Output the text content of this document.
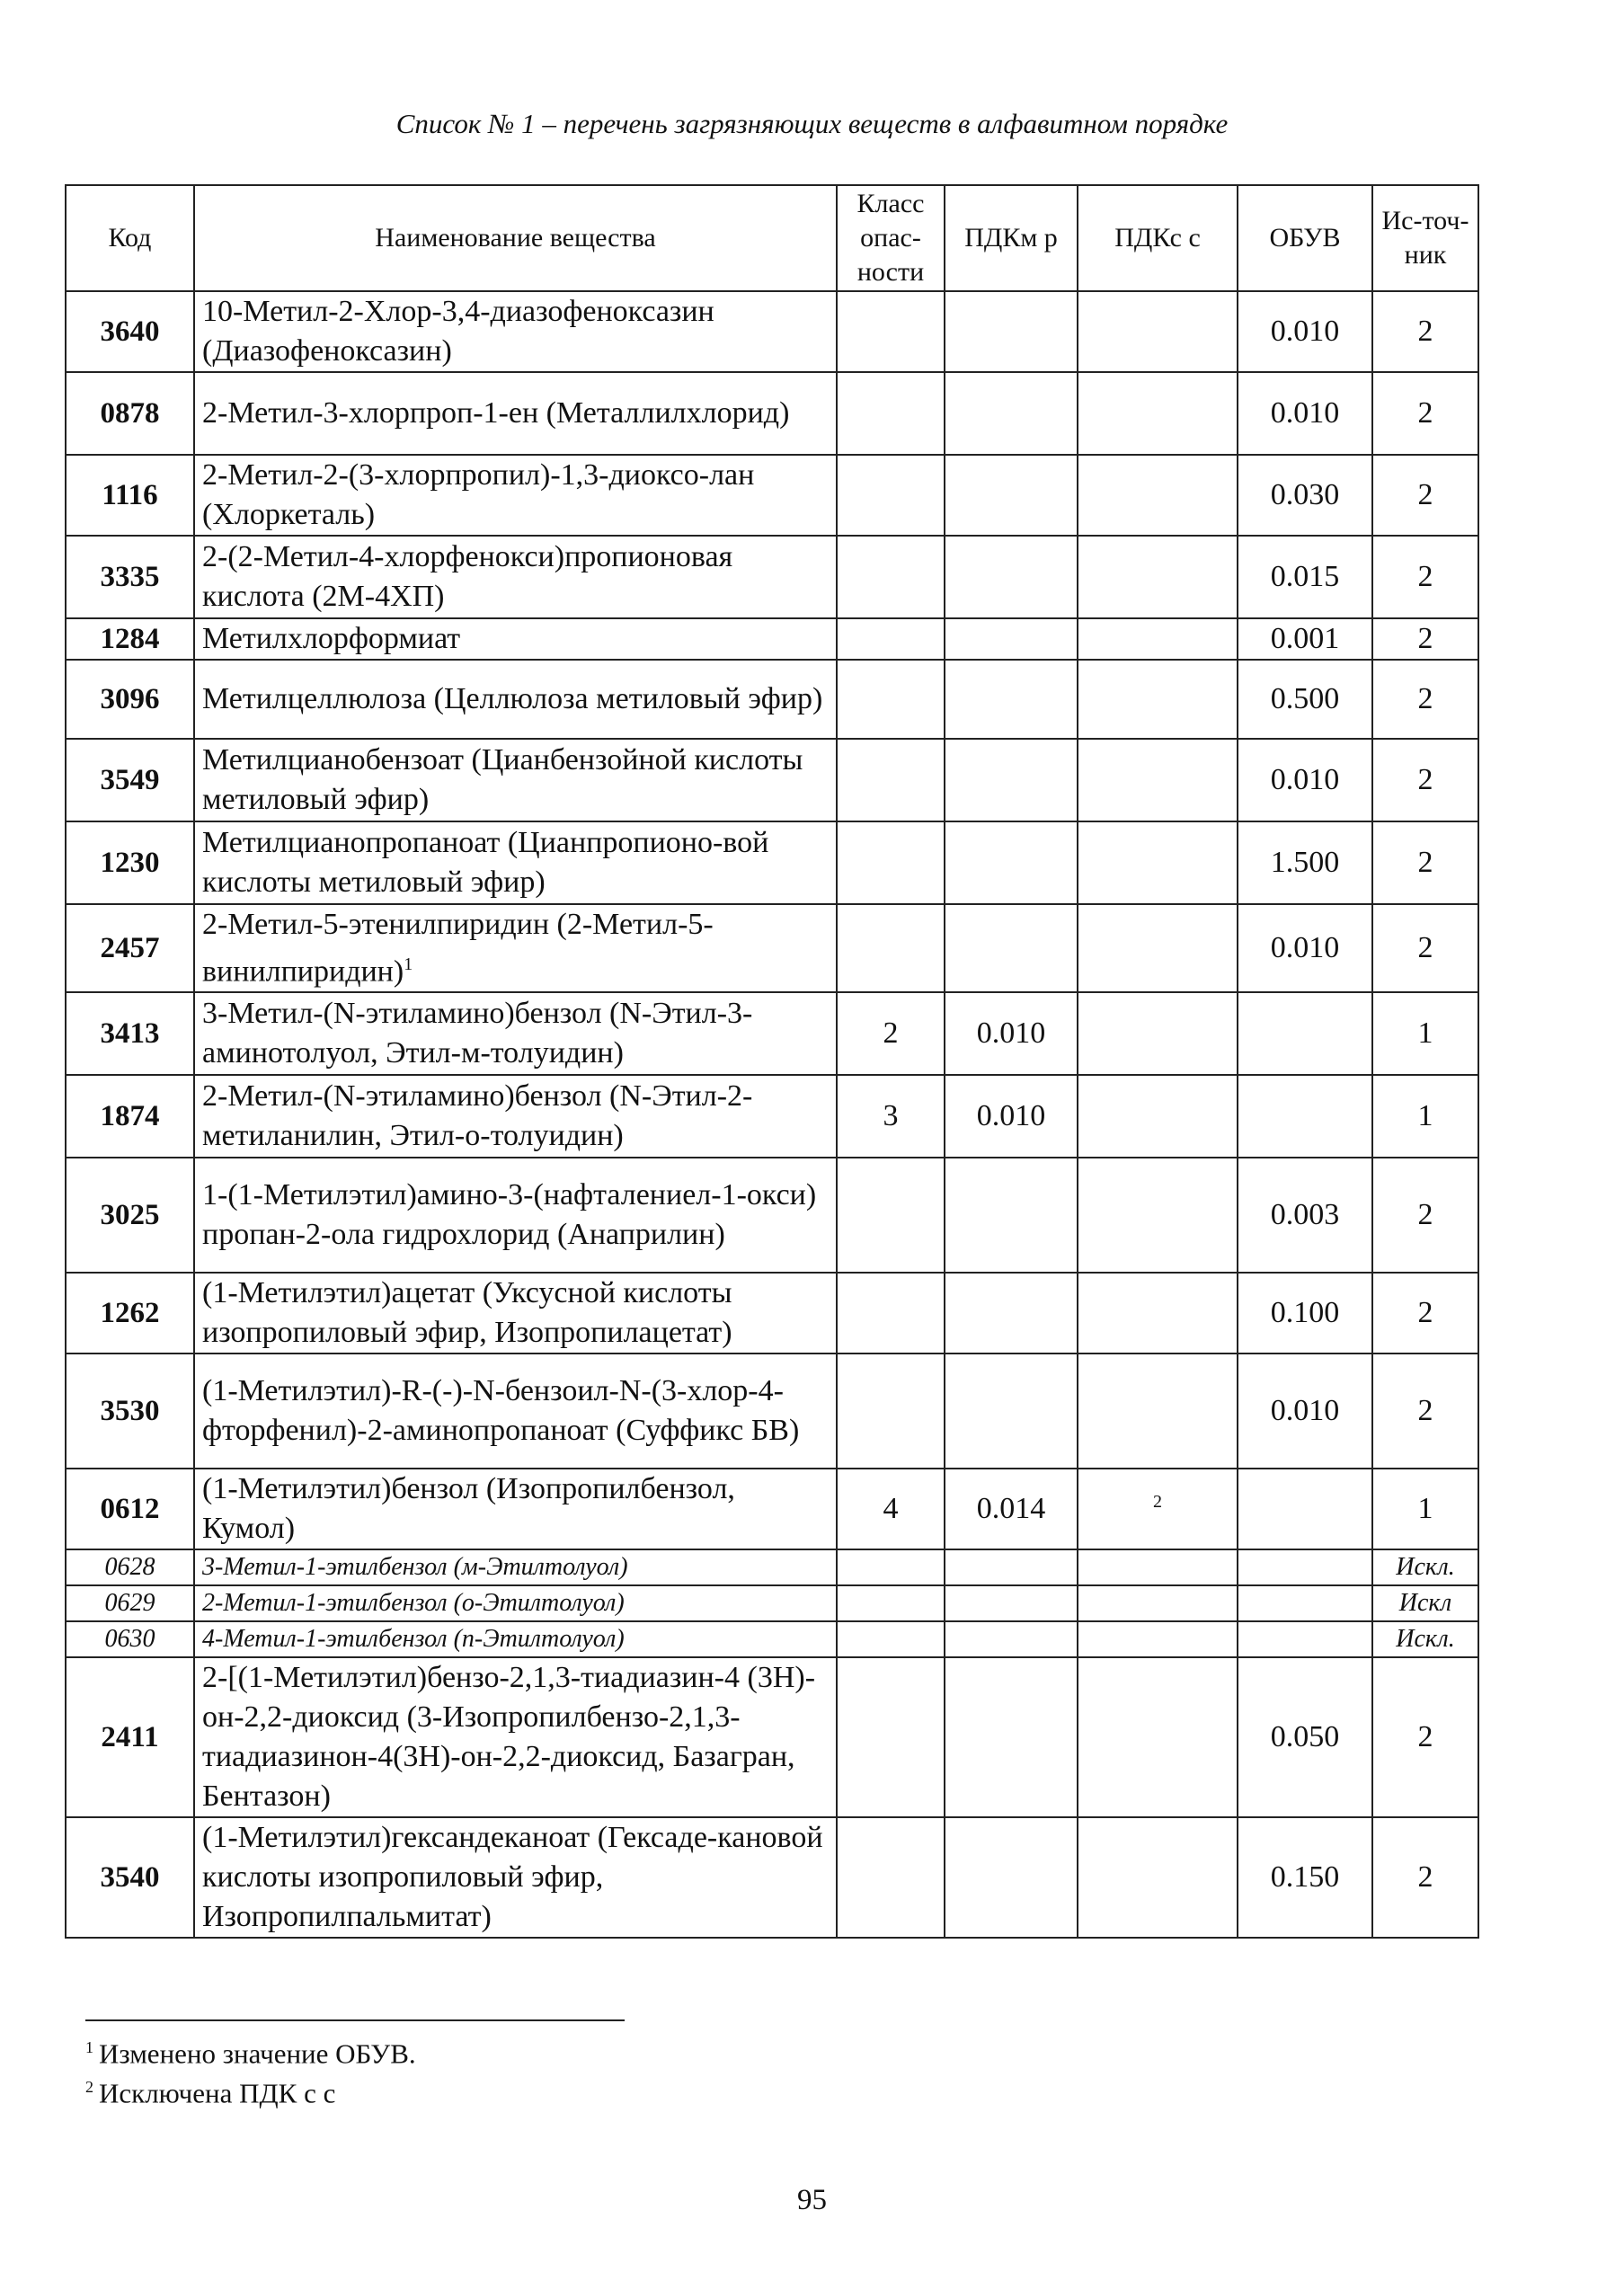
Список № 1 – перечень загрязняющих веществ в алфавитном порядке
Код	Наименование вещества	Класс опас-ности	ПДКм р	ПДКс с	ОБУВ	Ис-точ-ник
3640	10-Метил-2-Хлор-3,4-диазофеноксазин (Диазофеноксазин)				0.010	2
0878	2-Метил-3-хлорпроп-1-ен (Металлилхлорид)				0.010	2
1116	2-Метил-2-(3-хлорпропил)-1,3-диоксо-лан (Хлоркеталь)				0.030	2
3335	2-(2-Метил-4-хлорфенокси)пропионовая кислота (2М-4ХП)				0.015	2
1284	Метилхлорформиат				0.001	2
3096	Метилцеллюлоза (Целлюлоза метиловый эфир)				0.500	2
3549	Метилцианобензоат (Цианбензойной кислоты метиловый эфир)				0.010	2
1230	Метилцианопропаноат (Цианпропионо-вой кислоты метиловый эфир)				1.500	2
2457	2-Метил-5-этенилпиридин (2-Метил-5-винилпиридин)$^1$				0.010	2
3413	3-Метил-(N-этиламино)бензол (N-Этил-3-аминотолуол, Этил-м-толуидин)	2	0.010			1
1874	2-Метил-(N-этиламино)бензол (N-Этил-2-метиланилин, Этил-о-толуидин)	3	0.010			1
3025	1-(1-Метилэтил)амино-3-(нафталениел-1-окси) пропан-2-ола гидрохлорид (Анаприлин)				0.003	2
1262	(1-Метилэтил)ацетат (Уксусной кислоты изопропиловый эфир, Изопропилацетат)				0.100	2
3530	(1-Метилэтил)-R-(-)-N-бензоил-N-(3-хлор-4-фторфенил)-2-аминопропаноат (Суффикс БВ)				0.010	2
0612	(1-Метилэтил)бензол (Изопропилбензол, Кумол)	4	0.014	$^2$		1
0628	3-Метил-1-этилбензол (м-Этилтолуол)					Искл.
0629	2-Метил-1-этилбензол (о-Этилтолуол)					Искл
0630	4-Метил-1-этилбензол (п-Этилтолуол)					Искл.
2411	2-[(1-Метилэтил)бензо-2,1,3-тиадиазин-4 (3Н)-он-2,2-диоксид (3-Изопропилбензо-2,1,3-тиадиазинон-4(3Н)-он-2,2-диоксид, Базагран, Бентазон)				0.050	2
3540	(1-Метилэтил)гександеканоат (Гексаде-кановой кислоты изопропиловый эфир, Изопропилпальмитат)				0.150	2
$^1$ Изменено значение ОБУВ.
$^2$ Исключена ПДК с с
95
